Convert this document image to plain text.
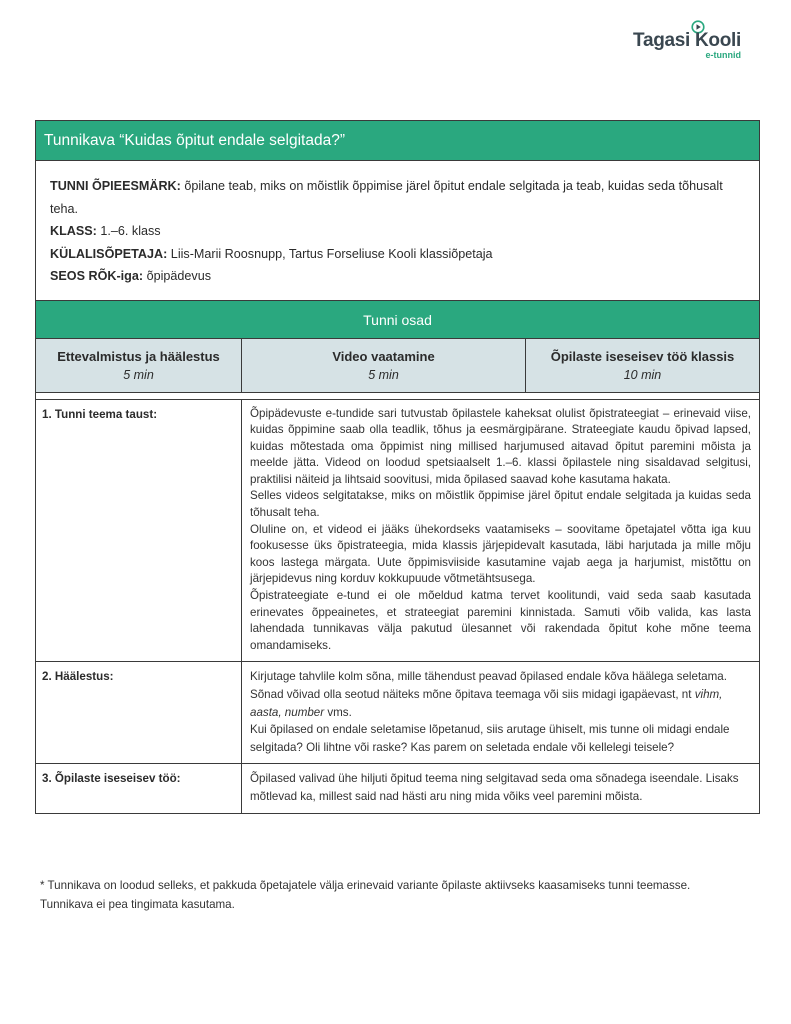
Tagasi Kooli
e-tunnid
Tunnikava “Kuidas õpitut endale selgitada?”
TUNNI ÕPIEESMÄRK: õpilane teab, miks on mõistlik õppimise järel õpitut endale selgitada ja teab, kuidas seda tõhusalt teha.
KLASS: 1.–6. klass
KÜLALISÕPETAJA: Liis-Marii Roosnupp, Tartus Forseliuse Kooli klassiõpetaja
SEOS RÕK-iga: õpipädevus
Tunni osad
Ettevalmistus ja häälestus
5 min
Video vaatamine
5 min
Õpilaste iseseisev töö klassis
10 min
1. Tunni teema taust:	Õpipädevuste e-tundide sari tutvustab õpilastele kaheksat olulist õpistrateegiat – erinevaid viise, kuidas õppimine saab olla teadlik, tõhus ja eesmärgipärane. Strateegiate kaudu õpivad lapsed, kuidas mõtestada oma õppimist ning millised harjumused aitavad õpitut paremini mõista ja meelde jätta. Videod on loodud spetsiaalselt 1.–6. klassi õpilastele ning sisaldavad selgitusi, praktilisi näiteid ja lihtsaid soovitusi, mida õpilased saavad kohe kasutama hakata.

Selles videos selgitatakse, miks on mõistlik õppimise järel õpitut endale selgitada ja kuidas seda tõhusalt teha.

Oluline on, et videod ei jääks ühekordseks vaatamiseks – soovitame õpetajatel võtta iga kuu fookusesse üks õpistrateegia, mida klassis järjepidevalt kasutada, läbi harjutada ja mille mõju koos lastega märgata. Uute õppimisviiside kasutamine vajab aega ja harjumist, mistõttu on järjepidevus ning korduv kokkupuude võtmetähtsusega.

Õpistrateegiate e-tund ei ole mõeldud katma tervet koolitundi, vaid seda saab kasutada erinevates õppeainetes, et strateegiat paremini kinnistada. Samuti võib valida, kas lasta lahendada tunnikavas välja pakutud ülesannet või rakendada õpitut kohe mõne teema omandamiseks.

2. Häälestus:	Kirjutage tahvlile kolm sõna, mille tähendust peavad õpilased endale kõva häälega seletama. Sõnad võivad olla seotud näiteks mõne õpitava teemaga või siis midagi igapäevast, nt vihm, aasta, number vms.

Kui õpilased on endale seletamise lõpetanud, siis arutage ühiselt, mis tunne oli midagi endale selgitada? Oli lihtne või raske? Kas parem on seletada endale või kellelegi teisele?

3. Õpilaste iseseisev töö:	Õpilased valivad ühe hiljuti õpitud teema ning selgitavad seda oma sõnadega iseendale. Lisaks mõtlevad ka, millest said nad hästi aru ning mida võiks veel paremini mõista.

* Tunnikava on loodud selleks, et pakkuda õpetajatele välja erinevaid variante õpilaste aktiivseks kaasamiseks tunni teemasse. Tunnikava ei pea tingimata kasutama.
